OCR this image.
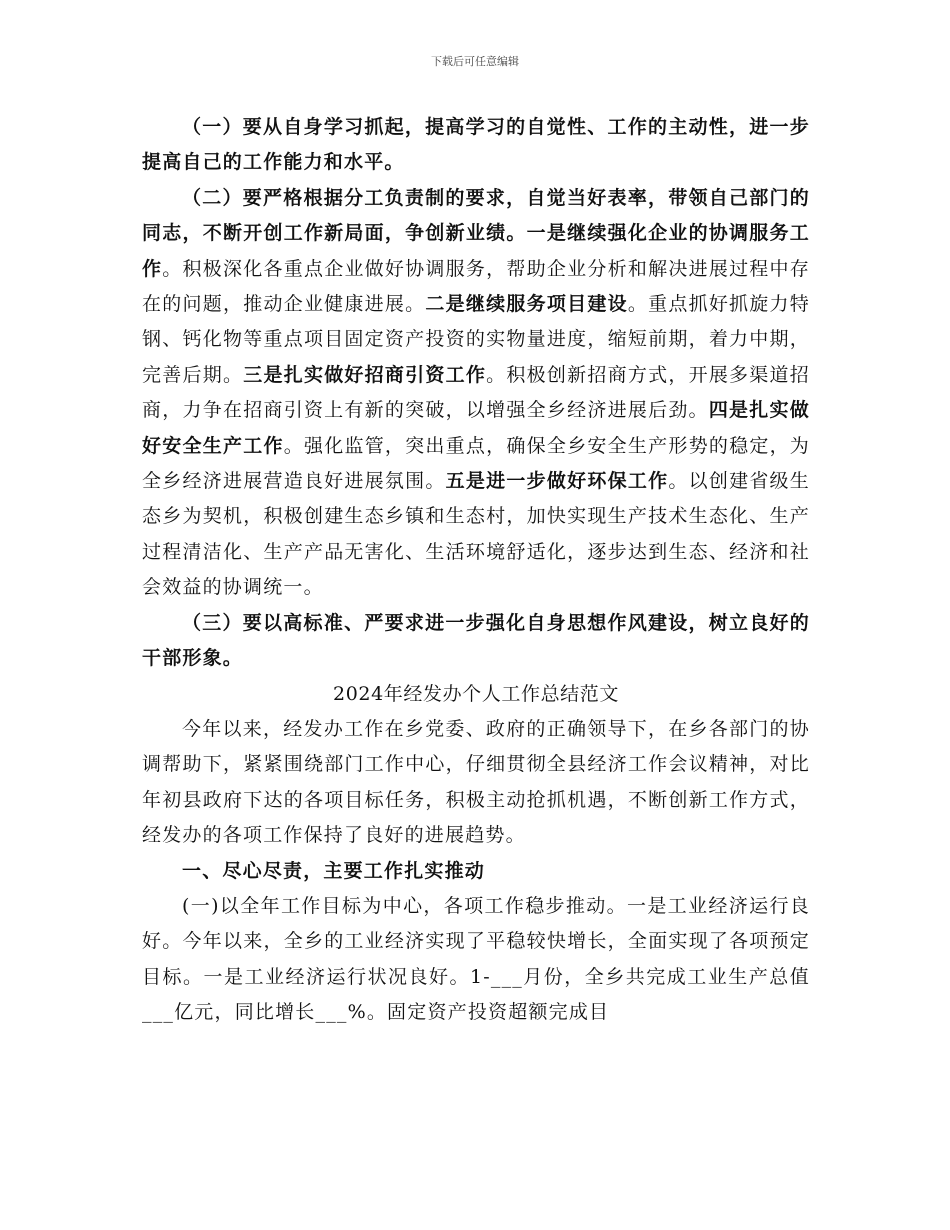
下载后可任意编辑

（一）要从自身学习抓起，提高学习的自觉性、工作的主动性，进一步提高自己的工作能力和水平。

（二）要严格根据分工负责制的要求，自觉当好表率，带领自己部门的同志，不断开创工作新局面，争创新业绩。一是继续强化企业的协调服务工作。积极深化各重点企业做好协调服务，帮助企业分析和解决进展过程中存在的问题，推动企业健康进展。二是继续服务项目建设。重点抓好抓旋力特钢、钙化物等重点项目固定资产投资的实物量进度，缩短前期，着力中期，完善后期。三是扎实做好招商引资工作。积极创新招商方式，开展多渠道招商，力争在招商引资上有新的突破，以增强全乡经济进展后劲。四是扎实做好安全生产工作。强化监管，突出重点，确保全乡安全生产形势的稳定，为全乡经济进展营造良好进展氛围。五是进一步做好环保工作。以创建省级生态乡为契机，积极创建生态乡镇和生态村，加快实现生产技术生态化、生产过程清洁化、生产产品无害化、生活环境舒适化，逐步达到生态、经济和社会效益的协调统一。

（三）要以高标准、严要求进一步强化自身思想作风建设，树立良好的干部形象。

2024年经发办个人工作总结范文

今年以来，经发办工作在乡党委、政府的正确领导下，在乡各部门的协调帮助下，紧紧围绕部门工作中心，仔细贯彻全县经济工作会议精神，对比年初县政府下达的各项目标任务，积极主动抢抓机遇，不断创新工作方式，经发办的各项工作保持了良好的进展趋势。

一、尽心尽责，主要工作扎实推动

(一)以全年工作目标为中心，各项工作稳步推动。一是工业经济运行良好。今年以来，全乡的工业经济实现了平稳较快增长，全面实现了各项预定目标。一是工业经济运行状况良好。1-___月份，全乡共完成工业生产总值___亿元，同比增长___%。固定资产投资超额完成目
